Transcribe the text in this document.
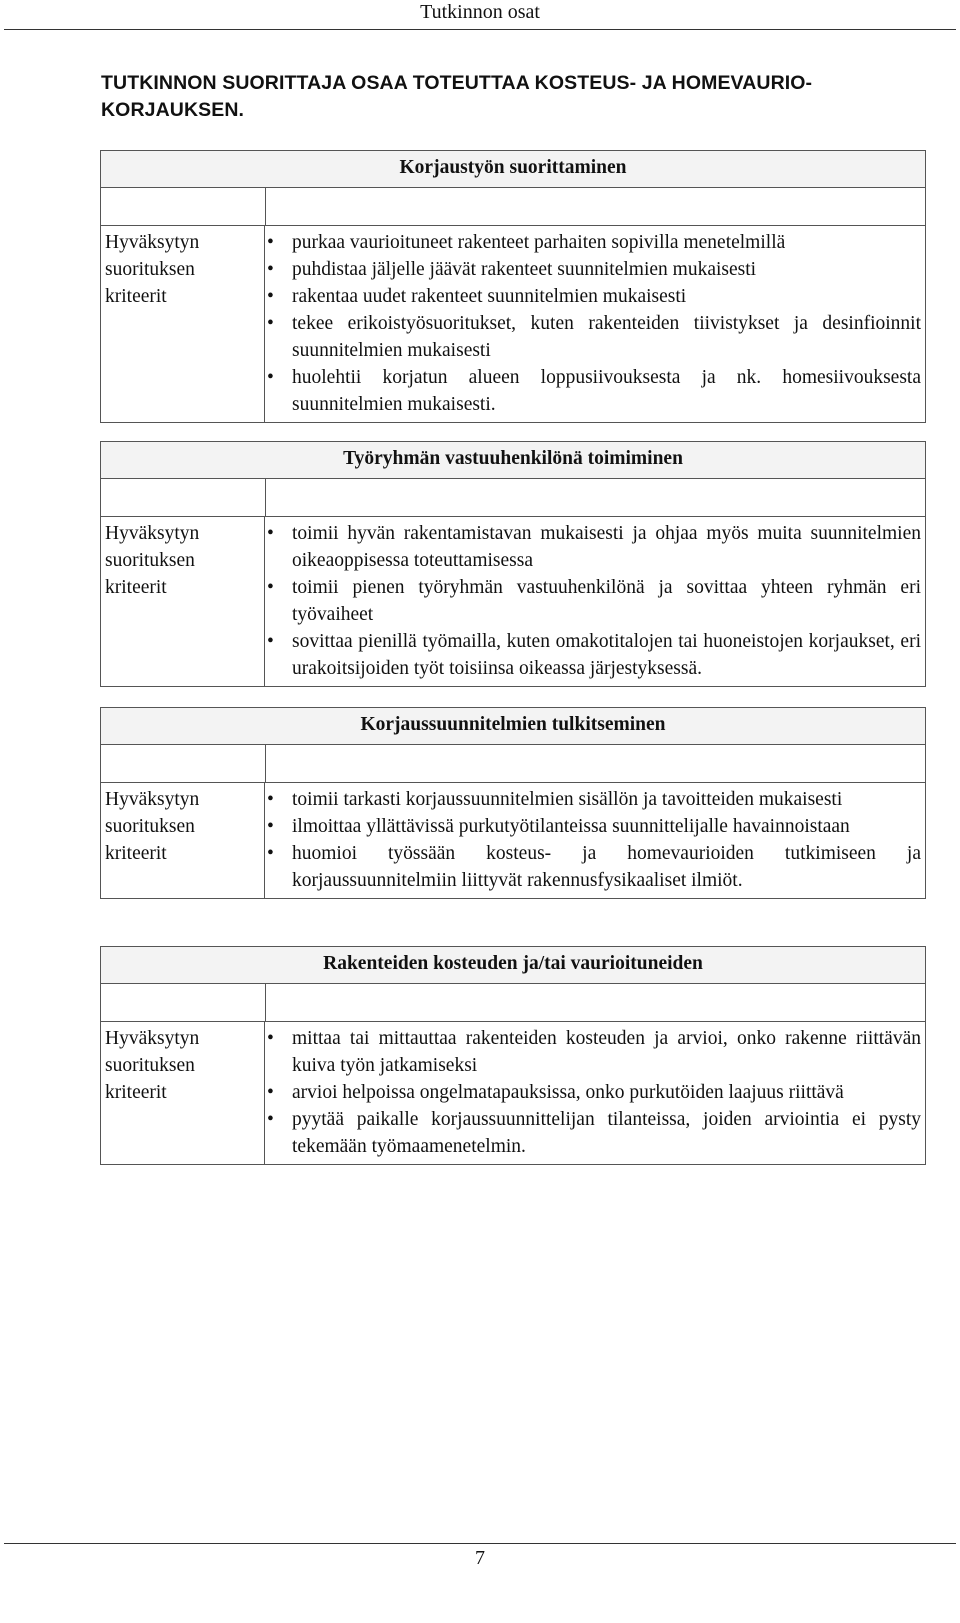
Tutkinnon osat
TUTKINNON SUORITTAJA OSAA TOTEUTTAA KOSTEUS- JA HOMEVAURIO-KORJAUKSEN.
Korjaustyön suorittaminen
Hyväksytyn suorituksen kriteerit
• purkaa vaurioituneet rakenteet parhaiten sopivilla menetelmillä
• puhdistaa jäljelle jäävät rakenteet suunnitelmien mukaisesti
• rakentaa uudet rakenteet suunnitelmien mukaisesti
• tekee erikoistyösuoritukset, kuten rakenteiden tiivistykset ja desinfioinnit suunnitelmien mukaisesti
• huolehtii korjatun alueen loppusiivouksesta ja nk. homesiivouksesta suunnitelmien mukaisesti.
Työryhmän vastuuhenkilönä toimiminen
Hyväksytyn suorituksen kriteerit
• toimii hyvän rakentamistavan mukaisesti ja ohjaa myös muita suunnitelmien oikeaoppisessa toteuttamisessa
• toimii pienen työryhmän vastuuhenkilönä ja sovittaa yhteen ryhmän eri työvaiheet
• sovittaa pienillä työmailla, kuten omakotitalojen tai huoneistojen korjaukset, eri urakoitsijoiden työt toisiinsa oikeassa järjestyksessä.
Korjaussuunnitelmien tulkitseminen
Hyväksytyn suorituksen kriteerit
• toimii tarkasti korjaussuunnitelmien sisällön ja tavoitteiden mukaisesti
• ilmoittaa yllättävissä purkutyötilanteissa suunnittelijalle havainnoistaan
• huomioi työssään kosteus- ja homevaurioiden tutkimiseen ja korjaussuunnitelmiin liittyvät rakennusfysikaaliset ilmiöt.
Rakenteiden kosteuden ja/tai vaurioituneiden
Hyväksytyn suorituksen kriteerit
• mittaa tai mittauttaa rakenteiden kosteuden ja arvioi, onko rakenne riittävän kuiva työn jatkamiseksi
• arvioi helpoissa ongelmatapauksissa, onko purkutöiden laajuus riittävä
• pyytää paikalle korjaussuunnittelijan tilanteissa, joiden arviointia ei pysty tekemään työmaamenetelmin.
7
